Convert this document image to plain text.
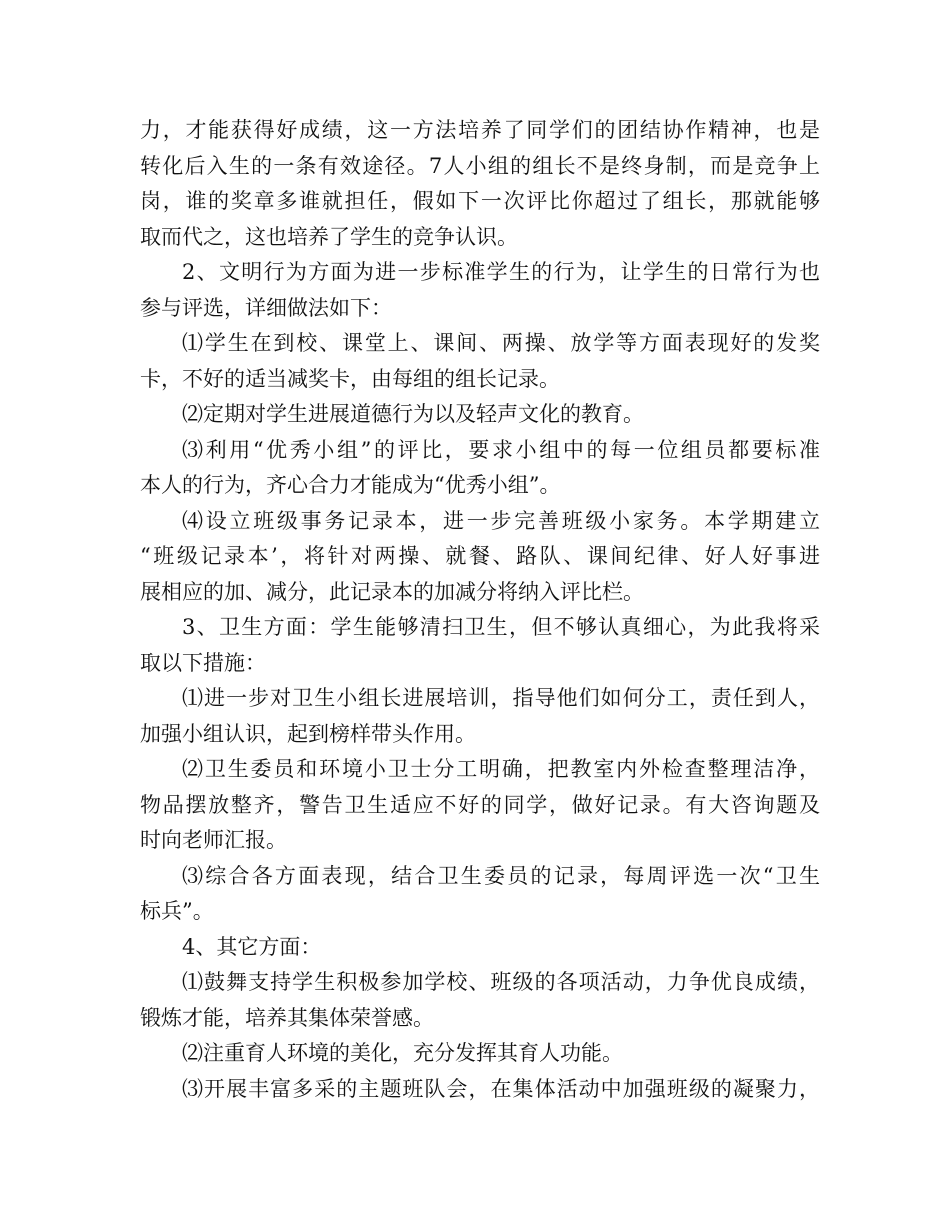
力，才能获得好成绩，这一方法培养了同学们的团结协作精神，也是
转化后入生的一条有效途径。7人小组的组长不是终身制，而是竞争上
岗，谁的奖章多谁就担任，假如下一次评比你超过了组长，那就能够
取而代之，这也培养了学生的竞争认识。
2、文明行为方面为进一步标准学生的行为，让学生的日常行为也
参与评选，详细做法如下：
⑴学生在到校、课堂上、课间、两操、放学等方面表现好的发奖
卡，不好的适当减奖卡，由每组的组长记录。
⑵定期对学生进展道德行为以及轻声文化的教育。
⑶利用“优秀小组”的评比，要求小组中的每一位组员都要标准
本人的行为，齐心合力才能成为“优秀小组”。
⑷设立班级事务记录本，进一步完善班级小家务。本学期建立
“班级记录本’，将针对两操、就餐、路队、课间纪律、好人好事进
展相应的加、减分，此记录本的加减分将纳入评比栏。
3、卫生方面：学生能够清扫卫生，但不够认真细心，为此我将采
取以下措施：
⑴进一步对卫生小组长进展培训，指导他们如何分工，责任到人，
加强小组认识，起到榜样带头作用。
⑵卫生委员和环境小卫士分工明确，把教室内外检查整理洁净，
物品摆放整齐，警告卫生适应不好的同学，做好记录。有大咨询题及
时向老师汇报。
⑶综合各方面表现，结合卫生委员的记录，每周评选一次“卫生
标兵”。
4、其它方面：
⑴鼓舞支持学生积极参加学校、班级的各项活动，力争优良成绩，
锻炼才能，培养其集体荣誉感。
⑵注重育人环境的美化，充分发挥其育人功能。
⑶开展丰富多采的主题班队会，在集体活动中加强班级的凝聚力，
